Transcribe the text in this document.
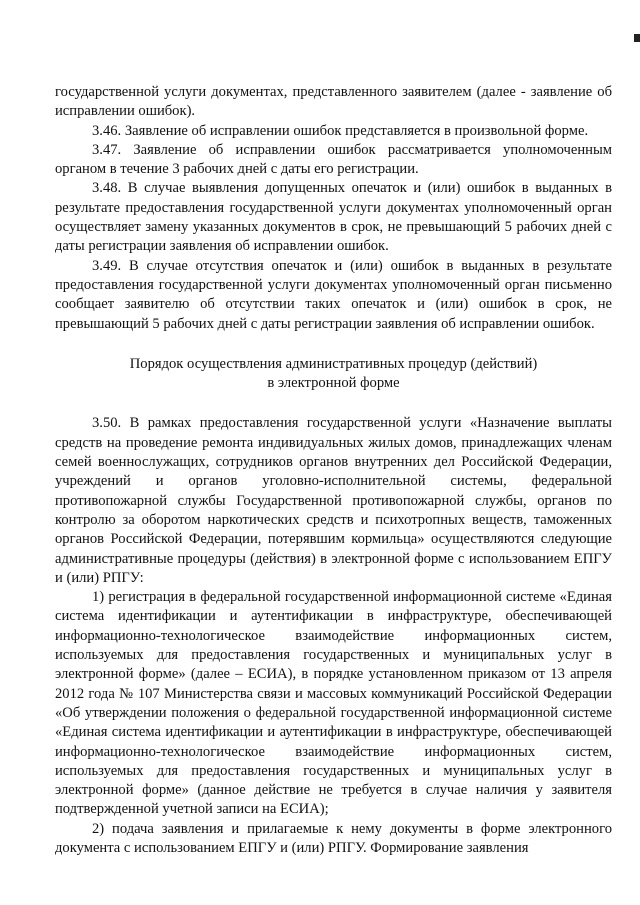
государственной услуги документах, представленного заявителем (далее - заявление об исправлении ошибок).

3.46. Заявление об исправлении ошибок представляется в произвольной форме.

3.47. Заявление об исправлении ошибок рассматривается уполномоченным органом в течение 3 рабочих дней с даты его регистрации.

3.48. В случае выявления допущенных опечаток и (или) ошибок в выданных в результате предоставления государственной услуги документах уполномоченный орган осуществляет замену указанных документов в срок, не превышающий 5 рабочих дней с даты регистрации заявления об исправлении ошибок.

3.49. В случае отсутствия опечаток и (или) ошибок в выданных в результате предоставления государственной услуги документах уполномоченный орган письменно сообщает заявителю об отсутствии таких опечаток и (или) ошибок в срок, не превышающий 5 рабочих дней с даты регистрации заявления об исправлении ошибок.

Порядок осуществления административных процедур (действий)
в электронной форме

3.50. В рамках предоставления государственной услуги «Назначение выплаты средств на проведение ремонта индивидуальных жилых домов, принадлежащих членам семей военнослужащих, сотрудников органов внутренних дел Российской Федерации, учреждений и органов уголовно-исполнительной системы, федеральной противопожарной службы Государственной противопожарной службы, органов по контролю за оборотом наркотических средств и психотропных веществ, таможенных органов Российской Федерации, потерявшим кормильца» осуществляются следующие административные процедуры (действия) в электронной форме с использованием ЕПГУ и (или) РПГУ:

1) регистрация в федеральной государственной информационной системе «Единая система идентификации и аутентификации в инфраструктуре, обеспечивающей информационно-технологическое взаимодействие информационных систем, используемых для предоставления государственных и муниципальных услуг в электронной форме» (далее – ЕСИА), в порядке установленном приказом от 13 апреля 2012 года № 107 Министерства связи и массовых коммуникаций Российской Федерации «Об утверждении положения о федеральной государственной информационной системе «Единая система идентификации и аутентификации в инфраструктуре, обеспечивающей информационно-технологическое взаимодействие информационных систем, используемых для предоставления государственных и муниципальных услуг в электронной форме» (данное действие не требуется в случае наличия у заявителя подтвержденной учетной записи на ЕСИА);

2) подача заявления и прилагаемые к нему документы в форме электронного документа с использованием ЕПГУ и (или) РПГУ. Формирование заявления
